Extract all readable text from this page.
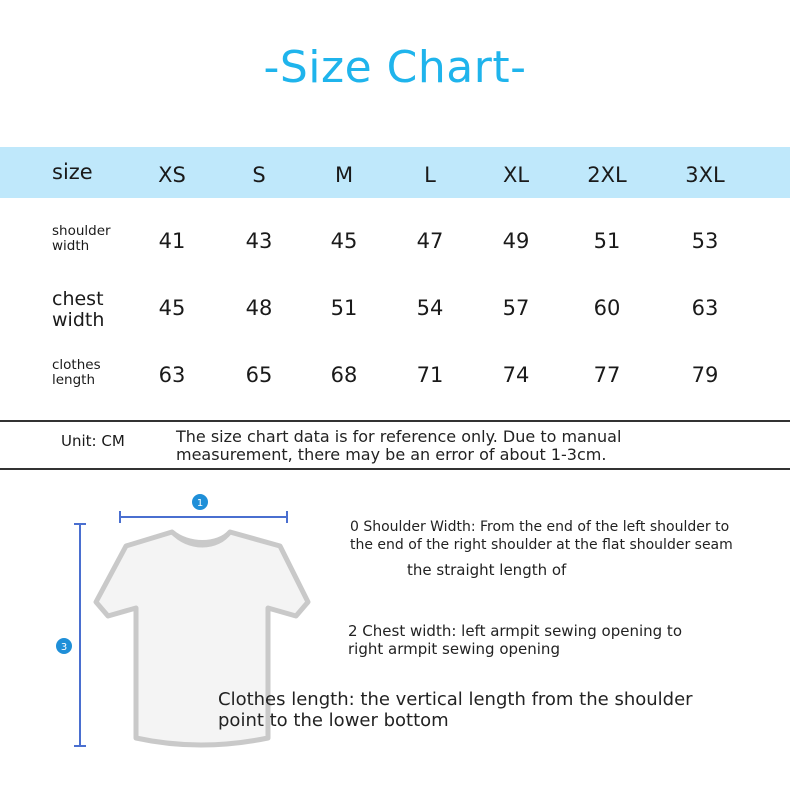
-Size Chart-
size	XS	S	M	L	XL	2XL	3XL
shoulder
width	41	43	45	47	49	51	53
chest
width	45	48	51	54	57	60	63
clothes
length	63	65	68	71	74	77	79
Unit: CM	The size chart data is for reference only. Due to manual
measurement, there may be an error of about 1-3cm.
1
3
0 Shoulder Width: From the end of the left shoulder to
the end of the right shoulder at the flat shoulder seam
the straight length of
2 Chest width: left armpit sewing opening to
right armpit sewing opening
Clothes length: the vertical length from the shoulder
point to the lower bottom
